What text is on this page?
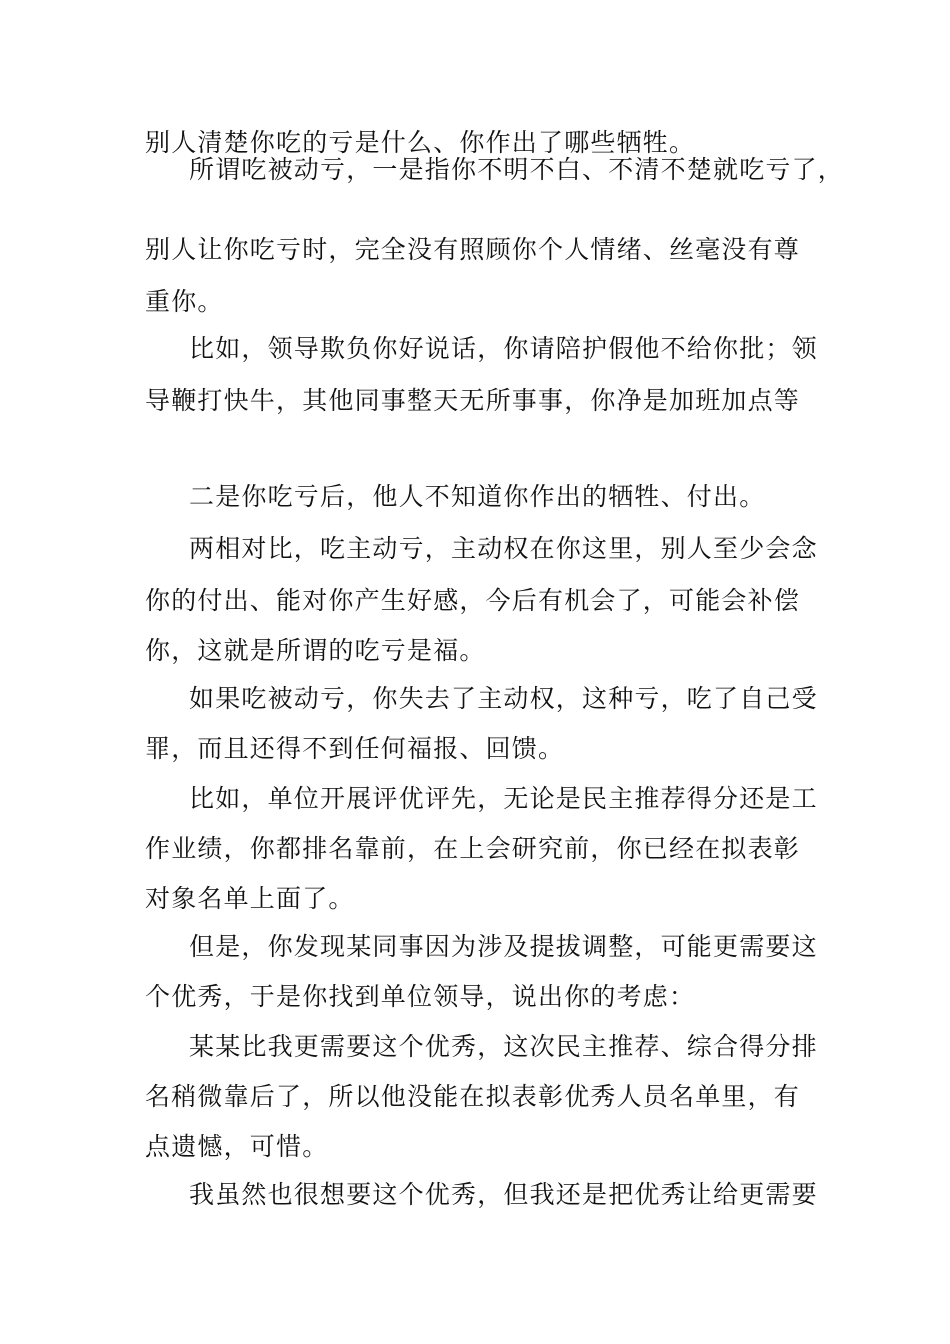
别人清楚你吃的亏是什么、你作出了哪些牺牲。
所谓吃被动亏，一是指你不明不白、不清不楚就吃亏了，
别人让你吃亏时，完全没有照顾你个人情绪、丝毫没有尊
重你。
比如，领导欺负你好说话，你请陪护假他不给你批；领
导鞭打快牛，其他同事整天无所事事，你净是加班加点等
二是你吃亏后，他人不知道你作出的牺牲、付出。
两相对比，吃主动亏，主动权在你这里，别人至少会念
你的付出、能对你产生好感，今后有机会了，可能会补偿
你，这就是所谓的吃亏是福。
如果吃被动亏，你失去了主动权，这种亏，吃了自己受
罪，而且还得不到任何福报、回馈。
比如，单位开展评优评先，无论是民主推荐得分还是工
作业绩，你都排名靠前，在上会研究前，你已经在拟表彰
对象名单上面了。
但是，你发现某同事因为涉及提拔调整，可能更需要这
个优秀，于是你找到单位领导，说出你的考虑：
某某比我更需要这个优秀，这次民主推荐、综合得分排
名稍微靠后了，所以他没能在拟表彰优秀人员名单里，有
点遗憾，可惜。
我虽然也很想要这个优秀，但我还是把优秀让给更需要
